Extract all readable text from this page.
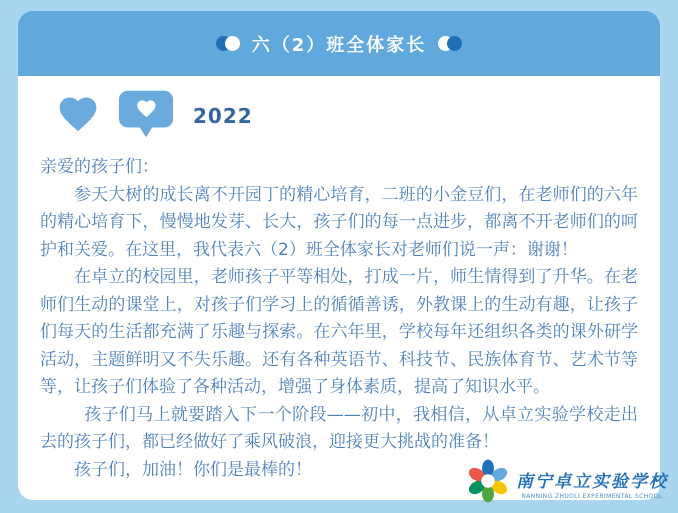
六（2）班全体家长
2022

亲爱的孩子们：

参天大树的成长离不开园丁的精心培育，二班的小金豆们，在老师们的六年的精心培育下，慢慢地发芽、长大，孩子们的每一点进步，都离不开老师们的呵护和关爱。在这里，我代表六（2）班全体家长对老师们说一声：谢谢！

在卓立的校园里，老师孩子平等相处，打成一片，师生情得到了升华。在老师们生动的课堂上，对孩子们学习上的循循善诱，外教课上的生动有趣，让孩子们每天的生活都充满了乐趣与探索。在六年里，学校每年还组织各类的课外研学活动，主题鲜明又不失乐趣。还有各种英语节、科技节、民族体育节、艺术节等等，让孩子们体验了各种活动，增强了身体素质，提高了知识水平。

孩子们马上就要踏入下一个阶段——初中，我相信，从卓立实验学校走出去的孩子们，都已经做好了乘风破浪，迎接更大挑战的准备！

孩子们，加油！你们是最棒的！

南宁卓立实验学校
NANNING ZHUOLI EXPERIMENTAL SCHOOL
